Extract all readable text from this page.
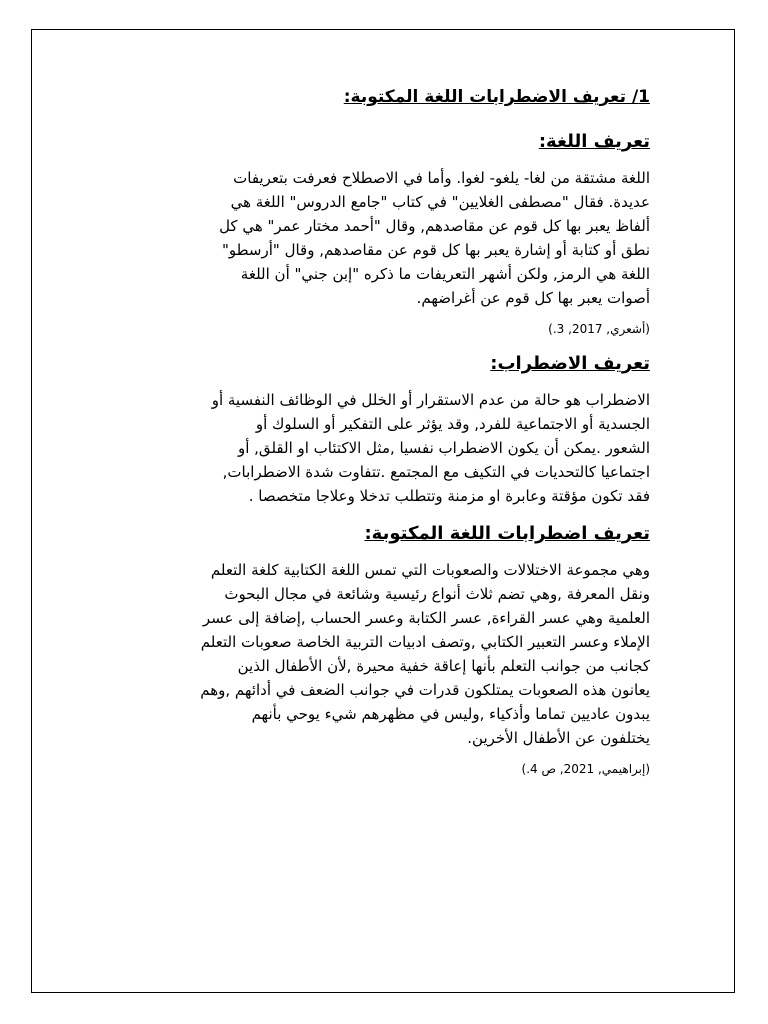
1/ تعريف الاضطرابات اللغة المكتوبة:
تعريف اللغة:

اللغة مشتقة من لغا- يلغو- لغوا. وأما في الاصطلاح فعرفت بتعريفات
عديدة. فقال "مصطفى الغلايين" في كتاب "جامع الدروس" اللغة هي
ألفاظ يعبر بها كل قوم عن مقاصدهم, وقال "أحمد مختار عمر" هي كل
نطق أو كتابة أو إشارة يعبر بها كل قوم عن مقاصدهم, وقال "أرسطو"
اللغة هي الرمز, ولكن أشهر التعريفات ما ذكره "إبن جني" أن اللغة
أصوات يعبر بها كل قوم عن أغراضهم.

(أشعري, 2017, 3.)
تعريف الاضطراب:

الاضطراب هو حالة من عدم الاستقرار أو الخلل في الوظائف النفسية أو
الجسدية أو الاجتماعية للفرد, وقد يؤثر على التفكير أو السلوك أو
الشعور .يمكن أن يكون الاضطراب نفسيا ,مثل الاكتئاب او القلق, أو
اجتماعيا كالتحديات في التكيف مع المجتمع .تتفاوت شدة الاضطرابات,
فقد تكون مؤقتة وعابرة او مزمنة وتتطلب تدخلا وعلاجا متخصصا .

تعريف اضطرابات اللغة المكتوبة:

وهي مجموعة الاختلالات والصعوبات التي تمس اللغة الكتابية كلغة التعلم
ونقل المعرفة ,وهي تضم ثلاث أنواع رئيسية وشائعة في مجال البحوث
العلمية وهي عسر القراءة, عسر الكتابة وعسر الحساب ,إضافة إلى عسر
الإملاء وعسر التعبير الكتابي ,وتصف ادبيات التربية الخاصة صعوبات التعلم
كجانب من جوانب التعلم بأنها إعاقة خفية محيرة ,لأن الأطفال الذين
يعانون هذه الصعوبات يمتلكون قدرات في جوانب الضعف في أدائهم ,وهم
يبدون عاديين تماما وأذكياء ,وليس في مظهرهم شيء يوحي بأنهم
يختلفون عن الأطفال الأخرين.

(إبراهيمي, 2021, ص 4.)
